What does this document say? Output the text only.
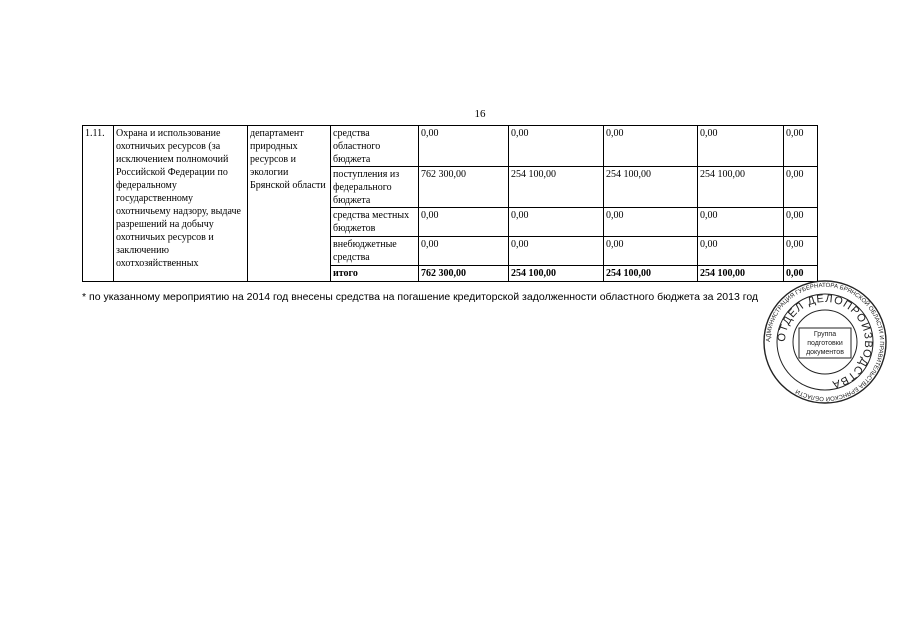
16
1.11.	Охрана и использование охотничьих ресурсов (за исключением полномочий Российской Федерации по федеральному государственному охотничьему надзору, выдаче разрешений на добычу охотничьих ресурсов и заключению охотхозяйственных	департамент природных ресурсов и экологии Брянской области	средства областного бюджета	0,00	0,00	0,00	0,00	0,00

			поступления из федерального бюджета	762 300,00	254 100,00	254 100,00	254 100,00	0,00

			средства местных бюджетов	0,00	0,00	0,00	0,00	0,00

			внебюджетные средства	0,00	0,00	0,00	0,00	0,00
			итого	762 300,00	254 100,00	254 100,00	254 100,00	0,00
* по указанному мероприятию на 2014 год внесены средства на погашение кредиторской задолженности областного бюджета за 2013 год
АДМИНИСТРАЦИЯ ГУБЕРНАТОРА БРЯНСКОЙ ОБЛАСТИ И ПРАВИТЕЛЬСТВА БРЯНСКОЙ ОБЛАСТИ
ОТДЕЛ ДЕЛОПРОИЗВОДСТВА
Группа
подготовки
документов
